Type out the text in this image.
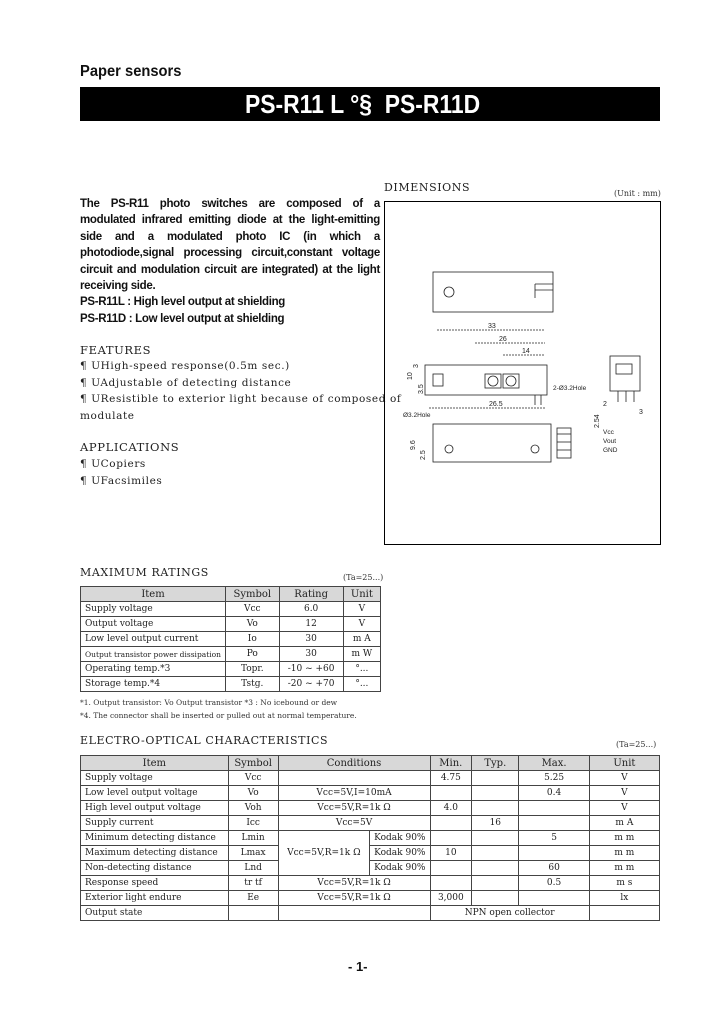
Paper sensors
PS-R11 L °§  PS-R11D

The PS-R11 photo switches are composed of a

modulated infrared emitting diode at the light-emitting

side and a modulated photo IC (in which a

photodiode,signal processing circuit,constant voltage

circuit and modulation circuit are integrated) at the light

receiving side.

PS-R11L : High level output at shielding

PS-R11D : Low level output at shielding

FEATURES
¶ UHigh-speed response(0.5m sec.)
¶ UAdjustable of detecting distance
¶ UResistible to exterior light because of composed of
modulate
APPLICATIONS
¶ UCopiers
¶ UFacsimiles
DIMENSIONS	(Unit : mm)
33
26
14
3
10
3.5
26.5
2-Ø3.2Hole
2
3
Ø3.2Hole
9.6
2.5
2.54
Vcc
Vout
GND
MAXIMUM RATINGS	(Ta=25...)
Item	Symbol	Rating	Unit
Supply voltage	Vcc	6.0	V
Output voltage	Vo	12	V
Low level output current	Io	30	m A
Output transistor power dissipation	Po	30	m W
Operating temp.*3	Topr.	-10 ~ +60	°...
Storage temp.*4	Tstg.	-20 ~ +70	°...
*1. Output transistor: Vo Output transistor *3 : No icebound or dew
*4. The connector shall be inserted or pulled out at normal temperature.
ELECTRO-OPTICAL CHARACTERISTICS	(Ta=25...)
Item	Symbol	Conditions		Min.	Typ.	Max.	Unit
Supply voltage	Vcc			4.75		5.25	V
Low level output voltage	Vo	Vcc=5V,I=10mA				0.4	V
High level output voltage	Voh	Vcc=5V,R=1k Ω		4.0			V
Supply current	Icc	Vcc=5V			16		m A
Minimum detecting distance	Lmin	Vcc=5V,R=1k Ω	Kodak 90%			5	m m
Maximum detecting distance	Lmax		Kodak 90%	10			m m
Non-detecting distance	Lnd		Kodak 90%			60	m m
Response speed	tr tf	Vcc=5V,R=1k Ω				0.5	m s
Exterior light endure	Ee	Vcc=5V,R=1k Ω		3,000			lx
Output state				NPN open collector			
- 1-
